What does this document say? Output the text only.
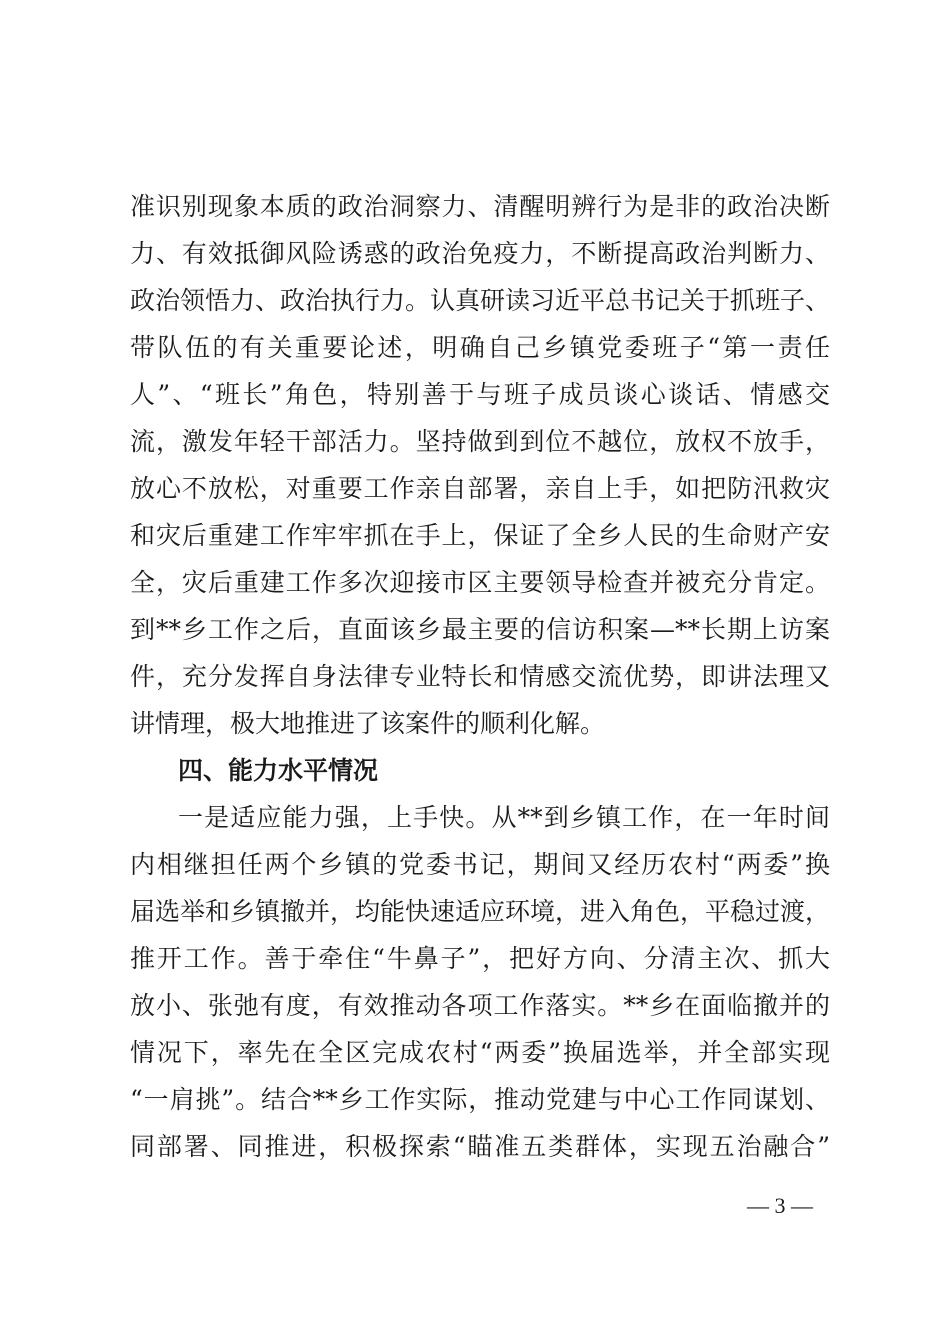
准识别现象本质的政治洞察力、清醒明辨行为是非的政治决断
力、有效抵御风险诱惑的政治免疫力，不断提高政治判断力、
政治领悟力、政治执行力。认真研读习近平总书记关于抓班子、
带队伍的有关重要论述，明确自己乡镇党委班子“第一责任
人”、“班长”角色，特别善于与班子成员谈心谈话、情感交
流，激发年轻干部活力。坚持做到到位不越位，放权不放手，
放心不放松，对重要工作亲自部署，亲自上手，如把防汛救灾
和灾后重建工作牢牢抓在手上，保证了全乡人民的生命财产安
全，灾后重建工作多次迎接市区主要领导检查并被充分肯定。
到**乡工作之后，直面该乡最主要的信访积案—**长期上访案
件，充分发挥自身法律专业特长和情感交流优势，即讲法理又
讲情理，极大地推进了该案件的顺利化解。
四、能力水平情况
一是适应能力强，上手快。从**到乡镇工作，在一年时间
内相继担任两个乡镇的党委书记，期间又经历农村“两委”换
届选举和乡镇撤并，均能快速适应环境，进入角色，平稳过渡，
推开工作。善于牵住“牛鼻子”，把好方向、分清主次、抓大
放小、张弛有度，有效推动各项工作落实。**乡在面临撤并的
情况下，率先在全区完成农村“两委”换届选举，并全部实现
“一肩挑”。结合**乡工作实际，推动党建与中心工作同谋划、
同部署、同推进，积极探索“瞄准五类群体，实现五治融合”
— 3 —
